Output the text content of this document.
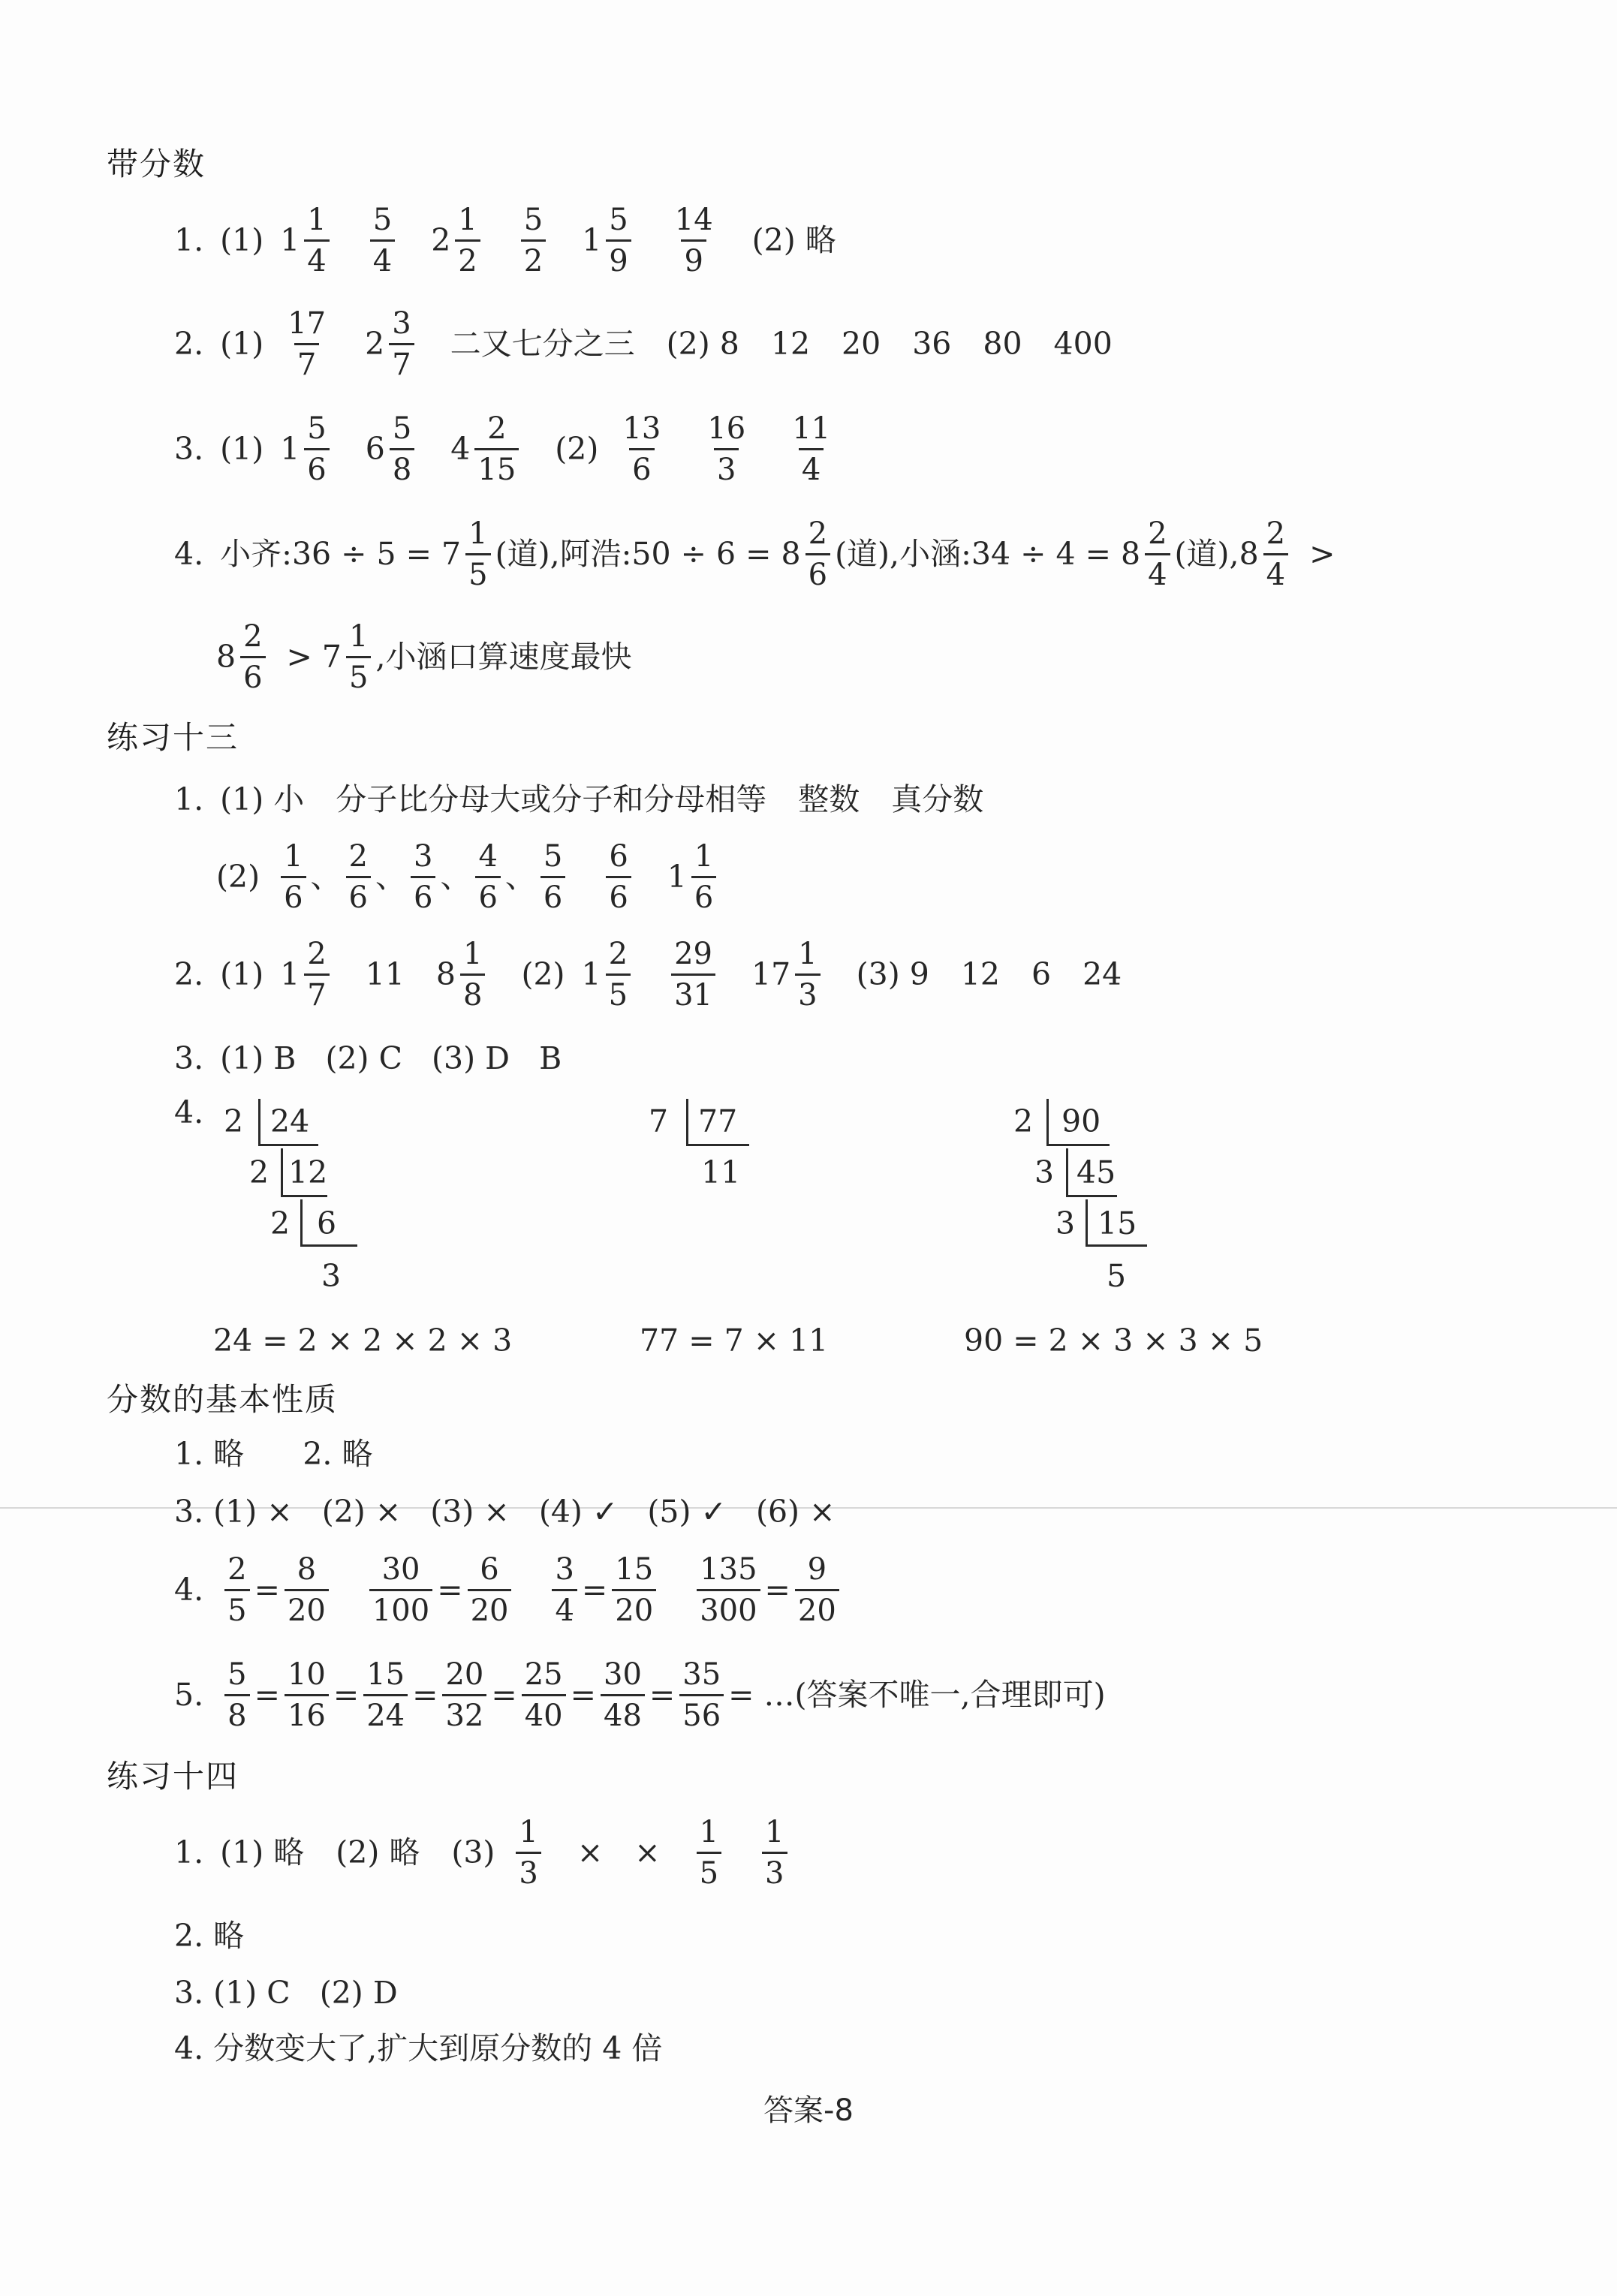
带分数
1. (1) $1 \frac{1}{4} \frac{5}{4} 2 \frac{1}{2} \frac{5}{2} 1 \frac{5}{9} \frac{14}{9} (2)$ 略
2. $(1) \frac{17}{7} 2 \frac{3}{7}$ 二又七分之三 (2) 8 12 20 36 80 400
3. (1) $1 \frac{5}{6} 6 \frac{5}{8} 4 \frac{2}{15} (2) \frac{13}{6} \frac{16}{3} \frac{11}{4}$
4. 小齐:36 ÷ $5 = 7 \frac{1}{5}$ (道),阿浩:50 ÷ $6 = 8 \frac{2}{6}$ (道),小涵:34 ÷ $4 = 8 \frac{2}{4}$ (道)$,8 \frac{2}{4}$ >
$8 \frac{2}{6} > 7 \frac{1}{5}$ ,小涵口算速度最快
练习十三
1. (1) 小 分子比分母大或分子和分母相等 整数 真分数
$(2) \frac{1}{6}$ 、 $\frac{2}{6}$ 、 $\frac{3}{6}$ 、 $\frac{4}{6}$ 、 $\frac{5}{6} \frac{6}{6} 1 \frac{1}{6}$
2. (1) $1 \frac{2}{7} 11$ $8 \frac{1}{8} (2)$ $1 \frac{2}{5} \frac{29}{31} 17 \frac{1}{3} (3)$ 9 12 6 24
3. (1) B   (2) C   (3) D   B
4. 2 24
2 12
2 6
3
7 77
11
2 90
3 45
3 15
5
24 = 2 × 2 × 2 × 3	77 = 7 × 11	90 = 2 × 3 × 3 × 5
分数的基本性质
1. 略      2. 略
3. (1) ×   (2) ×   (3) ×   (4) ✓   (5) ✓   (6) ×
4. $\frac{2}{5} = \frac{8}{20} \frac{30}{100} = \frac{6}{20} \frac{3}{4} = \frac{15}{20} \frac{135}{300} = \frac{9}{20}$
5. $\frac{5}{8} = \frac{10}{16} = \frac{15}{24} = \frac{20}{32} = \frac{25}{40} = \frac{30}{48} = \frac{35}{56}$ = …(答案不唯一,合理即可)
练习十四
1. (1) 略 (2) 略 $(3) \frac{1}{3}$ × × $\frac{1}{5} \frac{1}{3}$
2. 略
3. (1) C   (2) D
4. 分数变大了,扩大到原分数的 4 倍
答案-8
